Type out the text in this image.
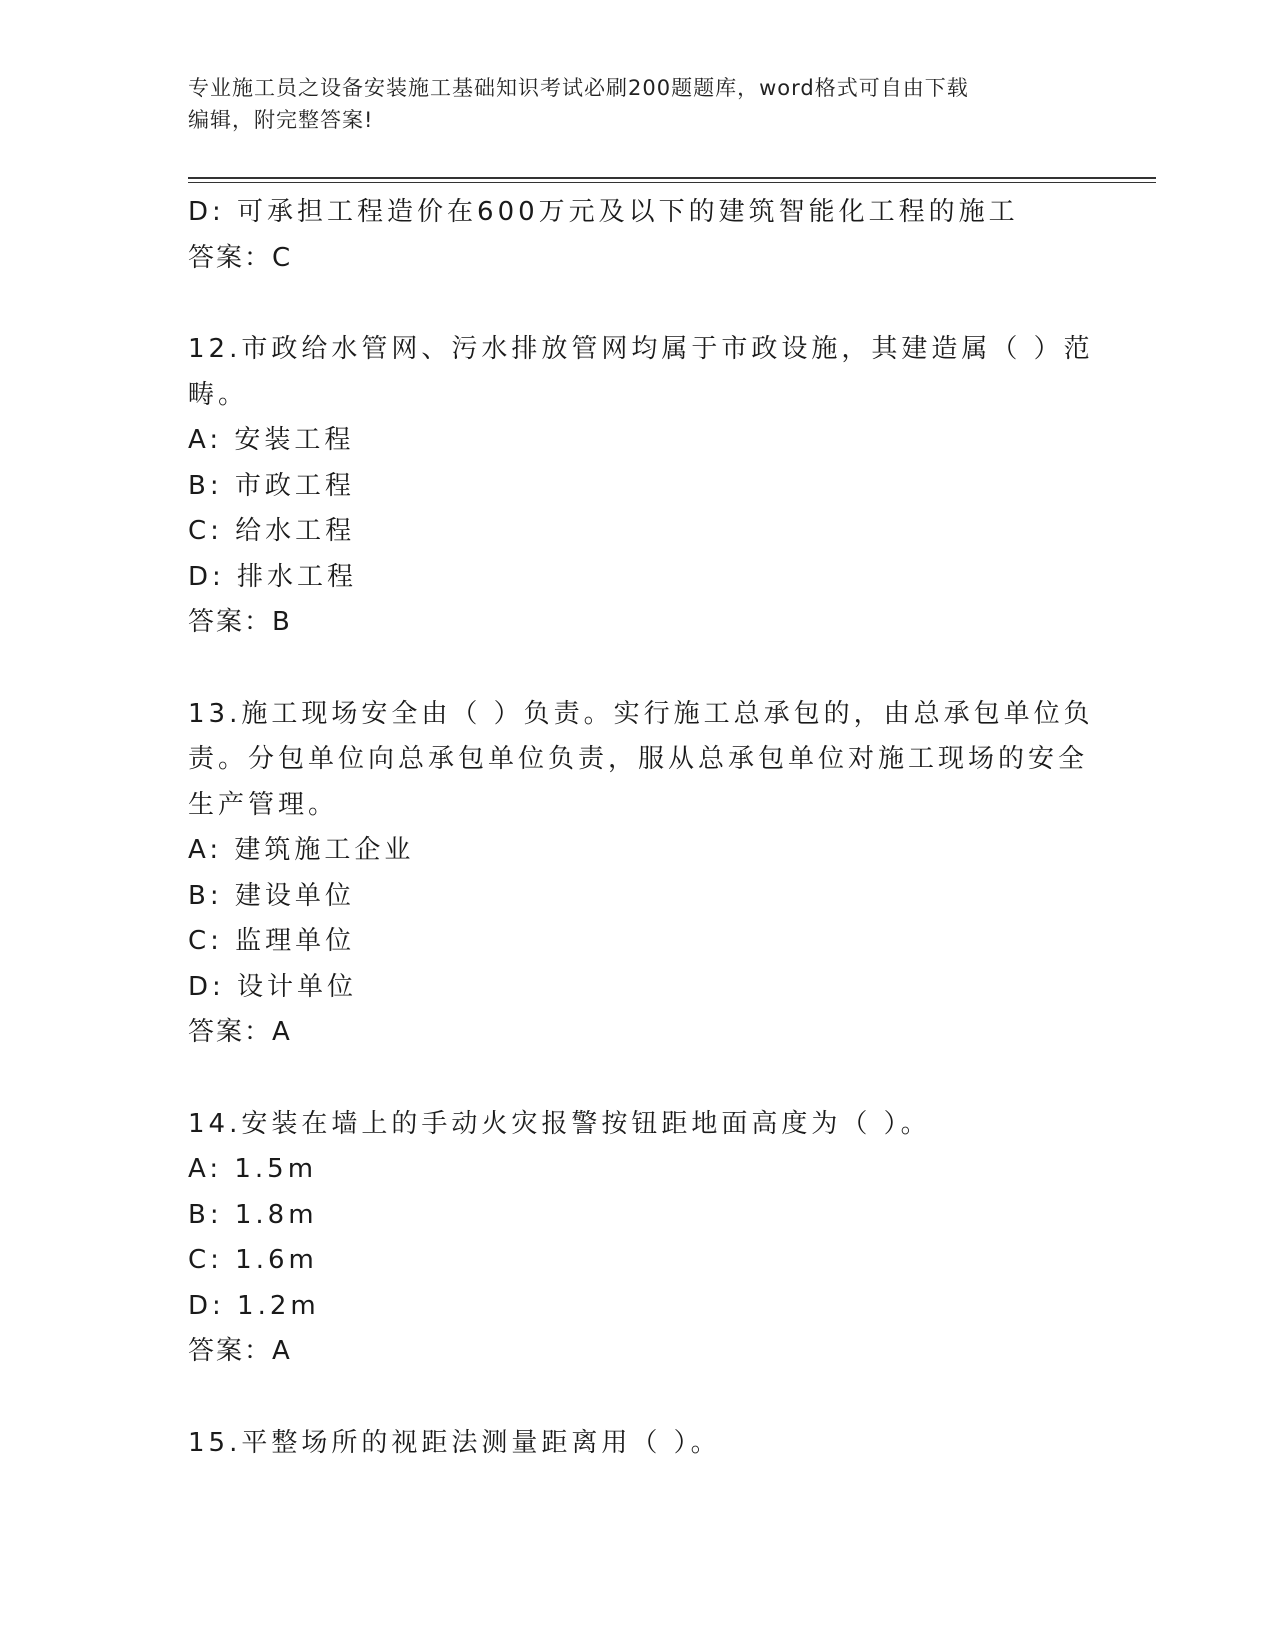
专业施工员之设备安装施工基础知识考试必刷200题题库，word格式可自由下载
编辑，附完整答案!
D: 可承担工程造价在600万元及以下的建筑智能化工程的施工
答案：C
12.市政给水管网、污水排放管网均属于市政设施，其建造属（ ）范
畴。
A: 安装工程
B: 市政工程
C: 给水工程
D: 排水工程
答案：B
13.施工现场安全由（ ）负责。实行施工总承包的，由总承包单位负
责。分包单位向总承包单位负责，服从总承包单位对施工现场的安全
生产管理。
A: 建筑施工企业
B: 建设单位
C: 监理单位
D: 设计单位
答案：A
14.安装在墙上的手动火灾报警按钮距地面高度为（ ）。
A: 1.5m
B: 1.8m
C: 1.6m
D: 1.2m
答案：A
15.平整场所的视距法测量距离用（ ）。
